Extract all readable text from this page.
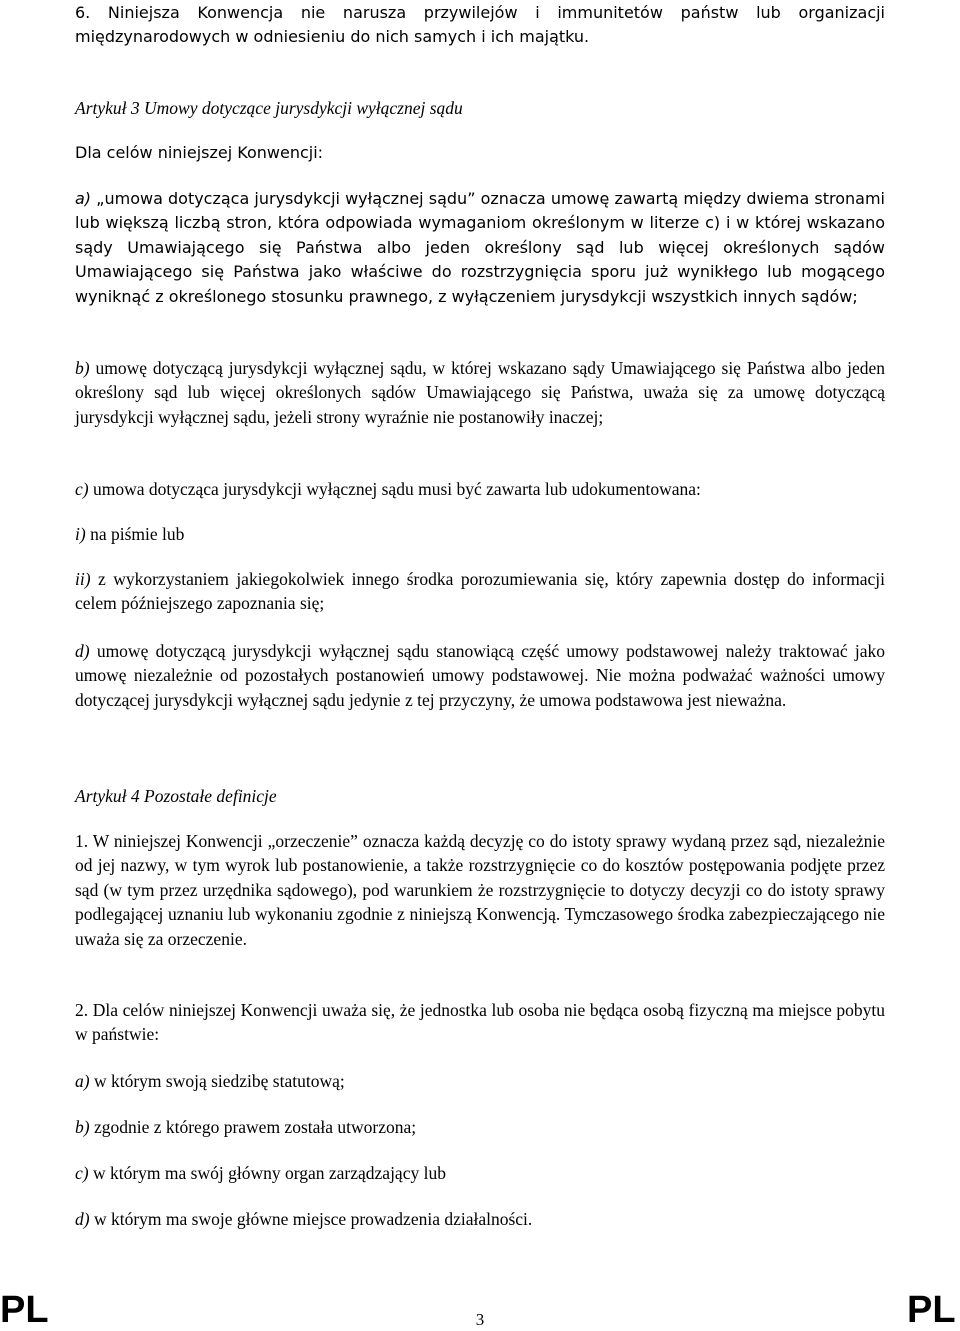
6. Niniejsza Konwencja nie narusza przywilejów i immunitetów państw lub organizacji międzynarodowych w odniesieniu do nich samych i ich majątku.

Artykuł 3 Umowy dotyczące jurysdykcji wyłącznej sądu

Dla celów niniejszej Konwencji:

a) „umowa dotycząca jurysdykcji wyłącznej sądu” oznacza umowę zawartą między dwiema stronami lub większą liczbą stron, która odpowiada wymaganiom określonym w literze c) i w której wskazano sądy Umawiającego się Państwa albo jeden określony sąd lub więcej określonych sądów Umawiającego się Państwa jako właściwe do rozstrzygnięcia sporu już wynikłego lub mogącego wyniknąć z określonego stosunku prawnego, z wyłączeniem jurysdykcji wszystkich innych sądów;

b) umowę dotyczącą jurysdykcji wyłącznej sądu, w której wskazano sądy Umawiającego się Państwa albo jeden określony sąd lub więcej określonych sądów Umawiającego się Państwa, uważa się za umowę dotyczącą jurysdykcji wyłącznej sądu, jeżeli strony wyraźnie nie postanowiły inaczej;

c) umowa dotycząca jurysdykcji wyłącznej sądu musi być zawarta lub udokumentowana:

i) na piśmie lub

ii) z wykorzystaniem jakiegokolwiek innego środka porozumiewania się, który zapewnia dostęp do informacji celem późniejszego zapoznania się;

d) umowę dotyczącą jurysdykcji wyłącznej sądu stanowiącą część umowy podstawowej należy traktować jako umowę niezależnie od pozostałych postanowień umowy podstawowej. Nie można podważać ważności umowy dotyczącej jurysdykcji wyłącznej sądu jedynie z tej przyczyny, że umowa podstawowa jest nieważna.

Artykuł 4 Pozostałe definicje

1. W niniejszej Konwencji „orzeczenie” oznacza każdą decyzję co do istoty sprawy wydaną przez sąd, niezależnie od jej nazwy, w tym wyrok lub postanowienie, a także rozstrzygnięcie co do kosztów postępowania podjęte przez sąd (w tym przez urzędnika sądowego), pod warunkiem że rozstrzygnięcie to dotyczy decyzji co do istoty sprawy podlegającej uznaniu lub wykonaniu zgodnie z niniejszą Konwencją. Tymczasowego środka zabezpieczającego nie uważa się za orzeczenie.

2. Dla celów niniejszej Konwencji uważa się, że jednostka lub osoba nie będąca osobą fizyczną ma miejsce pobytu w państwie:

a) w którym swoją siedzibę statutową;

b) zgodnie z którego prawem została utworzona;

c) w którym ma swój główny organ zarządzający lub

d) w którym ma swoje główne miejsce prowadzenia działalności.

PL	3	PL
